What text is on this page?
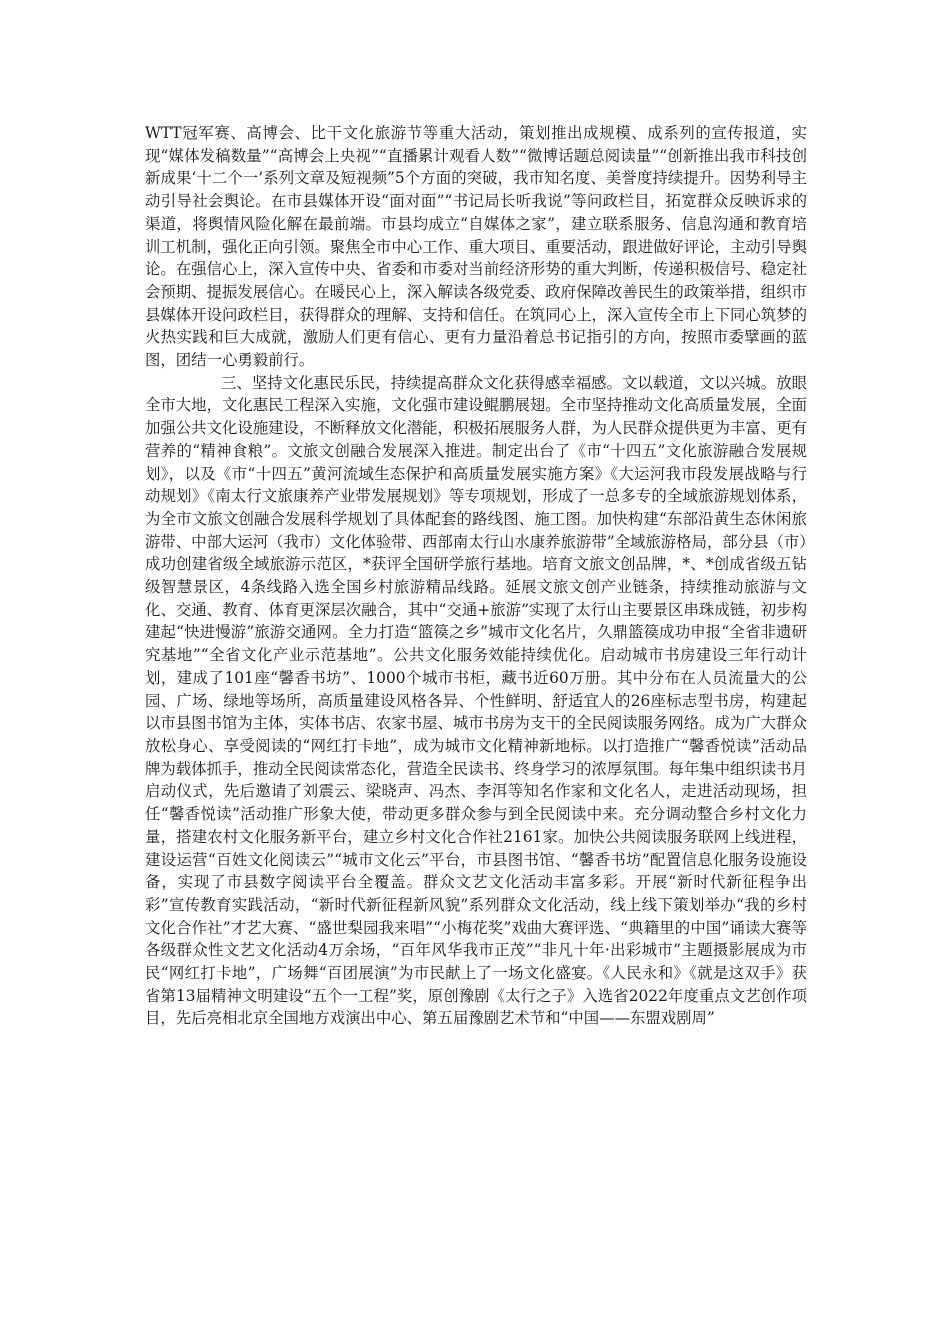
WTT冠军赛、高博会、比干文化旅游节等重大活动，策划推出成规模、成系列的宣传报道，实现“媒体发稿数量”“高博会上央视”“直播累计观看人数”“微博话题总阅读量”“创新推出我市科技创新成果‘十二个一’系列文章及短视频”5个方面的突破，我市知名度、美誉度持续提升。因势利导主动引导社会舆论。在市县媒体开设“面对面”“书记局长听我说”等问政栏目，拓宽群众反映诉求的渠道，将舆情风险化解在最前端。市县均成立“自媒体之家”，建立联系服务、信息沟通和教育培训工机制，强化正向引领。聚焦全市中心工作、重大项目、重要活动，跟进做好评论，主动引导舆论。在强信心上，深入宣传中央、省委和市委对当前经济形势的重大判断，传递积极信号、稳定社会预期、提振发展信心。在暖民心上，深入解读各级党委、政府保障改善民生的政策举措，组织市县媒体开设问政栏目，获得群众的理解、支持和信任。在筑同心上，深入宣传全市上下同心筑梦的火热实践和巨大成就，激励人们更有信心、更有力量沿着总书记指引的方向，按照市委擘画的蓝图，团结一心勇毅前行。

三、坚持文化惠民乐民，持续提高群众文化获得感幸福感。文以载道，文以兴城。放眼全市大地，文化惠民工程深入实施，文化强市建设鲲鹏展翅。全市坚持推动文化高质量发展，全面加强公共文化设施建设，不断释放文化潜能，积极拓展服务人群，为人民群众提供更为丰富、更有营养的“精神食粮”。文旅文创融合发展深入推进。制定出台了《市“十四五”文化旅游融合发展规划》，以及《市“十四五”黄河流域生态保护和高质量发展实施方案》《大运河我市段发展战略与行动规划》《南太行文旅康养产业带发展规划》等专项规划，形成了一总多专的全域旅游规划体系，为全市文旅文创融合发展科学规划了具体配套的路线图、施工图。加快构建“东部沿黄生态休闲旅游带、中部大运河（我市）文化体验带、西部南太行山水康养旅游带”全域旅游格局，部分县（市）成功创建省级全域旅游示范区，*获评全国研学旅行基地。培育文旅文创品牌，*、*创成省级五钻级智慧景区，4条线路入选全国乡村旅游精品线路。延展文旅文创产业链条，持续推动旅游与文化、交通、教育、体育更深层次融合，其中“交通+旅游”实现了太行山主要景区串珠成链，初步构建起“快进慢游”旅游交通网。全力打造“篮篌之乡”城市文化名片，久鼎篮篌成功申报“全省非遗研究基地”“全省文化产业示范基地”。公共文化服务效能持续优化。启动城市书房建设三年行动计划，建成了101座“馨香书坊”、1000个城市书柜，藏书近60万册。其中分布在人员流量大的公园、广场、绿地等场所，高质量建设风格各异、个性鲜明、舒适宜人的26座标志型书房，构建起以市县图书馆为主体，实体书店、农家书屋、城市书房为支干的全民阅读服务网络。成为广大群众放松身心、享受阅读的“网红打卡地”，成为城市文化精神新地标。以打造推广“馨香悦读”活动品牌为载体抓手，推动全民阅读常态化，营造全民读书、终身学习的浓厚氛围。每年集中组织读书月启动仪式，先后邀请了刘震云、梁晓声、冯杰、李洱等知名作家和文化名人，走进活动现场，担任“馨香悦读”活动推广形象大使，带动更多群众参与到全民阅读中来。充分调动整合乡村文化力量，搭建农村文化服务新平台，建立乡村文化合作社2161家。加快公共阅读服务联网上线进程，建设运营“百姓文化阅读云”“城市文化云”平台，市县图书馆、“馨香书坊”配置信息化服务设施设备，实现了市县数字阅读平台全覆盖。群众文艺文化活动丰富多彩。开展“新时代新征程争出彩”宣传教育实践活动，“新时代新征程新风貌”系列群众文化活动，线上线下策划举办“我的乡村文化合作社”才艺大赛、“盛世梨园我来唱”“小梅花奖”戏曲大赛评选、“典籍里的中国”诵读大赛等各级群众性文艺文化活动4万余场，“百年风华我市正茂”“非凡十年·出彩城市”主题摄影展成为市民“网红打卡地”，广场舞“百团展演”为市民献上了一场文化盛宴。《人民永和》《就是这双手》获省第13届精神文明建设“五个一工程”奖，原创豫剧《太行之子》入选省2022年度重点文艺创作项目，先后亮相北京全国地方戏演出中心、第五届豫剧艺术节和“中国——东盟戏剧周”
